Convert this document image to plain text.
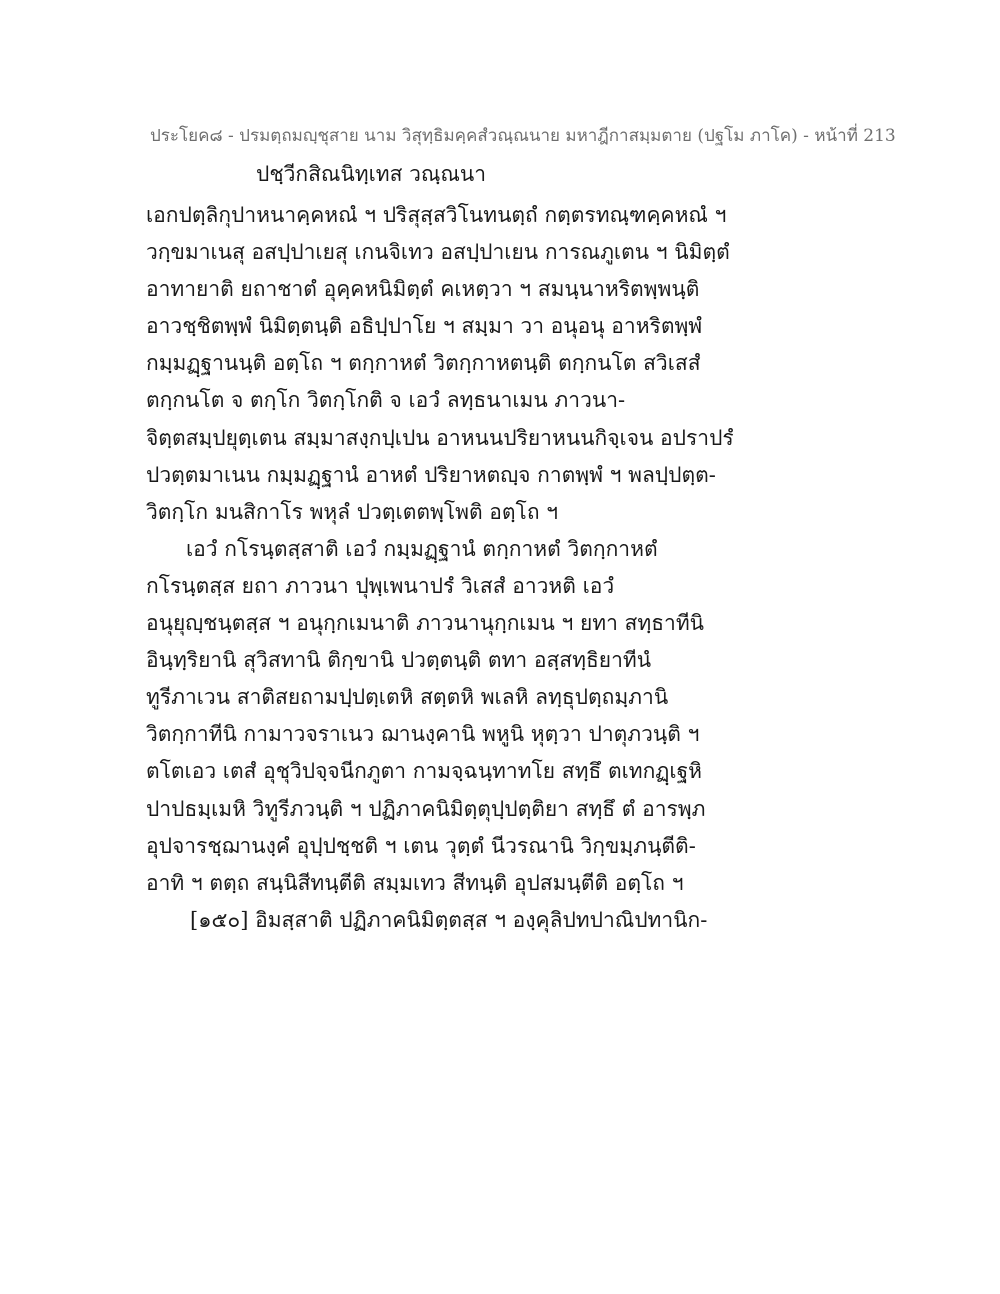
ประโยค๘ - ปรมตฺถมญฺชุสาย นาม วิสุทฺธิมคฺคสํวณฺณนาย มหาฎีกาสมฺมตาย (ปฐโม ภาโค) - หน้าที่ 213
ปชฺวีกสิณนิทฺเทส วณฺณนา
เอกปตฺลิกุปาหนาคฺคหณํ ฯ ปริสุสฺสวิโนทนตฺถํ กตฺตรทณฺฑคฺคหณํ ฯ
วกฺขมาเนสุ อสปฺปาเยสุ เกนจิเทว อสปฺปาเยน การณภูเตน ฯ นิมิตฺตํ
อาทายาติ ยถาชาตํ อุคฺคหนิมิตฺตํ คเหตฺวา ฯ สมนฺนาหริตพฺพนฺติ
อาวชฺชิตพฺพํ นิมิตฺตนฺติ อธิปฺปาโย ฯ สมฺมา วา อนุอนุ อาหริตพฺพํ
กมฺมฏฺฐานนฺติ อตฺโถ ฯ ตกฺกาหตํ วิตกฺกาหตนฺติ ตกฺกนโต สวิเสสํ
ตกฺกนโต จ ตกฺโก วิตกฺโกติ จ เอวํ ลทฺธนาเมน ภาวนา-
จิตฺตสมฺปยุตฺเตน สมฺมาสงฺกปฺเปน อาหนนปริยาหนนกิจฺเจน อปราปรํ
ปวตฺตมาเนน กมฺมฏฺฐานํ อาหตํ ปริยาหตญฺจ กาตพฺพํ ฯ พลปฺปตฺต-
วิตกฺโก มนสิกาโร พหุลํ ปวตฺเตตพฺโพติ อตฺโถ ฯ
เอวํ กโรนฺตสฺสาติ เอวํ กมฺมฏฺฐานํ ตกฺกาหตํ วิตกฺกาหตํ
กโรนฺตสฺส ยถา ภาวนา ปุพฺเพนาปรํ วิเสสํ อาวหติ เอวํ
อนุยุญฺชนฺตสฺส ฯ อนุกฺกเมนาติ ภาวนานุกฺกเมน ฯ ยทา สทฺธาทีนิ
อินฺทฺริยานิ สุวิสทานิ ติกฺขานิ ปวตฺตนฺติ ตทา อสฺสทฺธิยาทีนํ
ทูรีภาเวน สาติสยถามปฺปตฺเตหิ สตฺตหิ พเลหิ ลทฺธุปตฺถมฺภานิ
วิตกฺกาทีนิ กามาวจราเนว ฌานงฺคานิ พหูนิ หุตฺวา ปาตุภวนฺติ ฯ
ตโตเอว เตสํ อุชุวิปจฺจนีกภูตา กามจฺฉนฺทาทโย สทฺธึ ตเทกฏฺเฐหิ
ปาปธมฺเมหิ วิทูรีภวนฺติ ฯ ปฏิภาคนิมิตฺตุปฺปตฺติยา สทฺธึ ตํ อารพฺภ
อุปจารชฺฌานงฺคํ อุปฺปชฺชติ ฯ เตน วุตฺตํ นีวรณานิ วิกฺขมฺภนฺตีติ-
อาทิ ฯ ตตฺถ สนฺนิสีทนฺตีติ สมฺมเทว สีทนฺติ อุปสมนฺตีติ อตฺโถ ฯ
[๑๕๐] อิมสฺสาติ ปฏิภาคนิมิตฺตสฺส ฯ องฺคุลิปทปาณิปทานิก-
